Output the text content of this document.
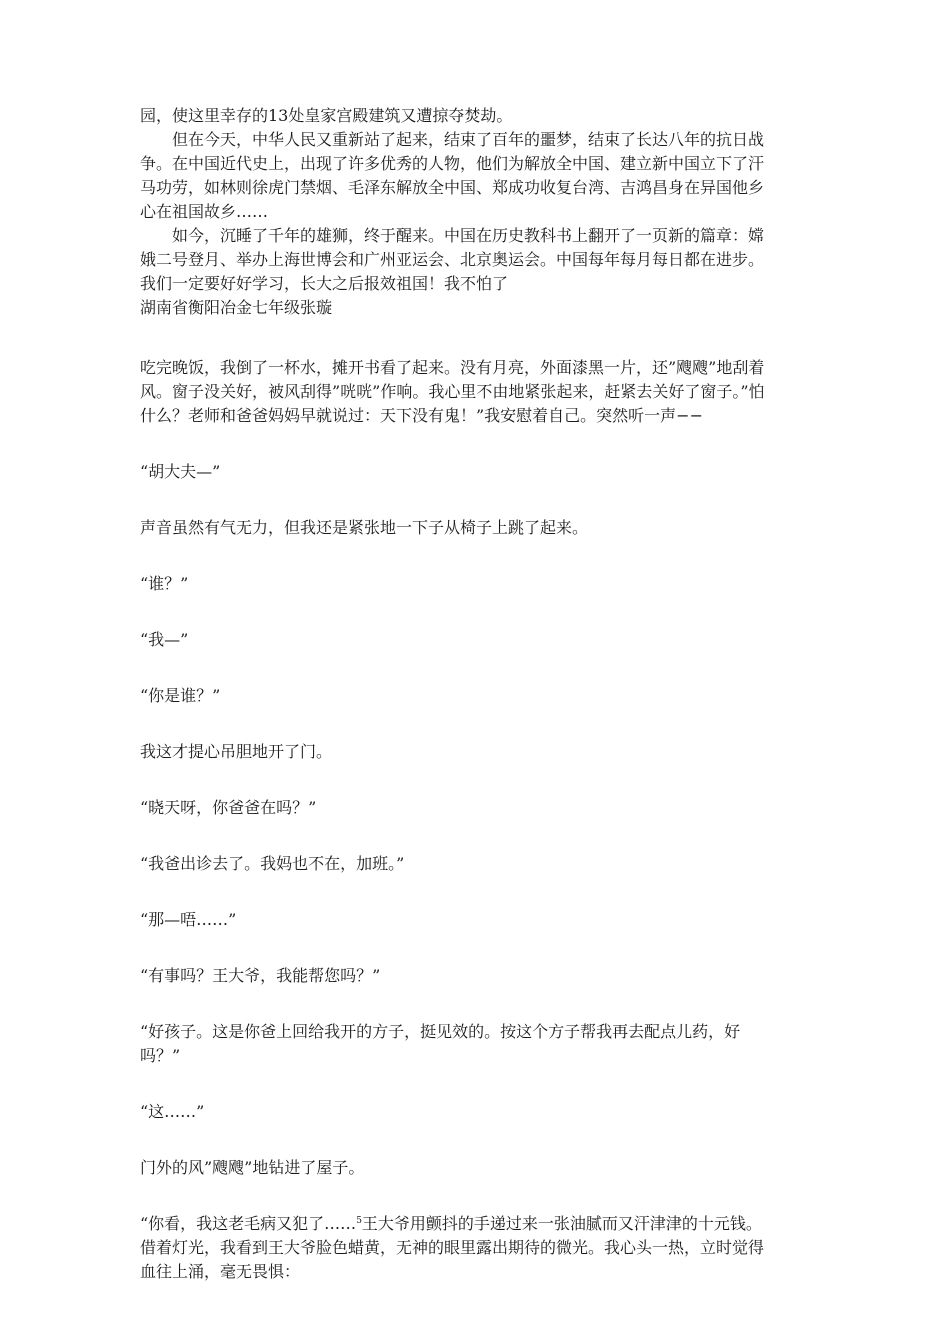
园，使这里幸存的13处皇家宫殿建筑又遭掠夺焚劫。

但在今天，中华人民又重新站了起来，结束了百年的噩梦，结束了长达八年的抗日战

争。在中国近代史上，出现了许多优秀的人物，他们为解放全中国、建立新中国立下了汗

马功劳，如林则徐虎门禁烟、毛泽东解放全中国、郑成功收复台湾、吉鸿昌身在异国他乡

心在祖国故乡……

如今，沉睡了千年的雄狮，终于醒来。中国在历史教科书上翻开了一页新的篇章：嫦

娥二号登月、举办上海世博会和广州亚运会、北京奥运会。中国每年每月每日都在进步。

我们一定要好好学习，长大之后报效祖国！我不怕了

湖南省衡阳冶金七年级张璇

吃完晚饭，我倒了一杯水，摊开书看了起来。没有月亮，外面漆黑一片，还”飕飕”地刮着

风。窗子没关好，被风刮得”咣咣”作响。我心里不由地紧张起来，赶紧去关好了窗子。”怕

什么？老师和爸爸妈妈早就说过：天下没有鬼！”我安慰着自己。突然听一声−−

“胡大夫—”

声音虽然有气无力，但我还是紧张地一下子从椅子上跳了起来。

“谁？”

“我—”

“你是谁？”

我这才提心吊胆地开了门。

“晓天呀，你爸爸在吗？”

“我爸出诊去了。我妈也不在，加班。”

“那—唔……”

“有事吗？王大爷，我能帮您吗？”

“好孩子。这是你爸上回给我开的方子，挺见效的。按这个方子帮我再去配点儿药，好

吗？”

“这……”

门外的风”飕飕”地钻进了屋子。

“你看，我这老毛病又犯了……$^5$王大爷用颤抖的手递过来一张油腻而又汗津津的十元钱。

借着灯光，我看到王大爷脸色蜡黄，无神的眼里露出期待的微光。我心头一热，立时觉得

血往上涌，毫无畏惧：
